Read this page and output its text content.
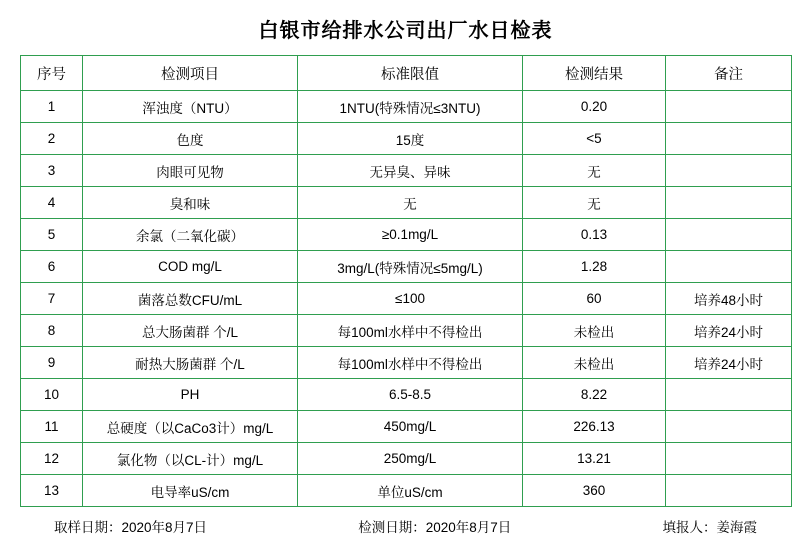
白银市给排水公司出厂水日检表
序号	检测项目	标准限值	检测结果	备注
1	浑浊度（NTU）	1NTU(特殊情况≤3NTU)	0.20	
2	色度	15度	<5	
3	肉眼可见物	无异臭、异味	无	
4	臭和味	无	无	
5	余氯（二氧化碳）	≥0.1mg/L	0.13	
6	COD mg/L	3mg/L(特殊情况≤5mg/L)	1.28	
7	菌落总数CFU/mL	≤100	60	培养48小时
8	总大肠菌群 个/L	每100ml水样中不得检出	未检出	培养24小时
9	耐热大肠菌群 个/L	每100ml水样中不得检出	未检出	培养24小时
10	PH	6.5-8.5	8.22	
11	总硬度（以CaCo3计）mg/L	450mg/L	226.13	
12	氯化物（以CL-计）mg/L	250mg/L	13.21	
13	电导率uS/cm	单位uS/cm	360	
取样日期：2020年8月7日	检测日期：2020年8月7日	填报人：姜海霞
